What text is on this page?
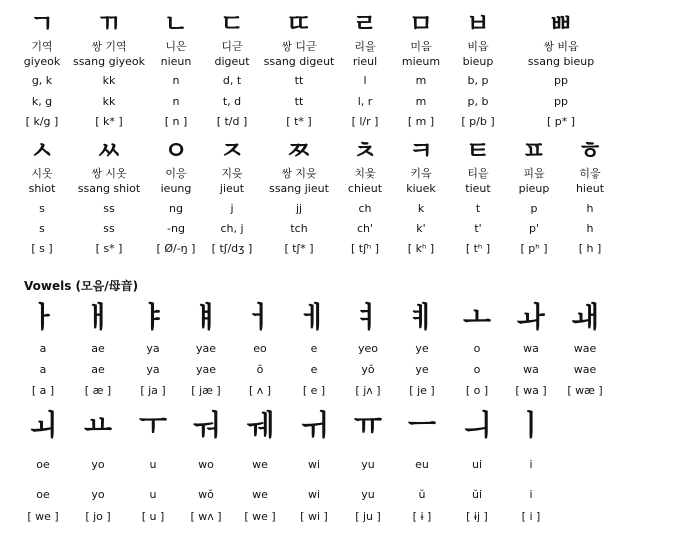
ㄱ
기역
giyeok
g, k
k, g
[ k/g ]
ㄲ
쌍 기역
ssang giyeok
kk
kk
[ k* ]
ㄴ
니은
nieun
n
n
[ n ]
ㄷ
디귿
digeut
d, t
t, d
[ t/d ]
ㄸ
쌍 디귿
ssang digeut
tt
tt
[ t* ]
ㄹ
리을
rieul
l
l, r
[ l/r ]
ㅁ
미음
mieum
m
m
[ m ]
ㅂ
비읍
bieup
b, p
p, b
[ p/b ]
ㅃ
쌍 비읍
ssang bieup
pp
pp
[ p* ]
ㅅ
시옷
shiot
s
s
[ s ]
ㅆ
쌍 시옷
ssang shiot
ss
ss
[ s* ]
ㅇ
이응
ieung
ng
-ng
[ Ø/-ŋ ]
ㅈ
지읒
jieut
j
ch, j
[ tʃ/dʒ ]
ㅉ
쌍 지읒
ssang jieut
jj
tch
[ tʃ* ]
ㅊ
치읓
chieut
ch
ch'
[ tʃʰ ]
ㅋ
키읔
kiuek
k
k'
[ kʰ ]
ㅌ
티읕
tieut
t
t'
[ tʰ ]
ㅍ
피읖
pieup
p
p'
[ pʰ ]
ㅎ
히읗
hieut
h
h
[ h ]
Vowels (모음/母音)
ㅏ
a
a
[ a ]
ㅐ
ae
ae
[ æ ]
ㅑ
ya
ya
[ ja ]
ㅒ
yae
yae
[ jæ ]
ㅓ
eo
ŏ
[ ʌ ]
ㅔ
e
e
[ e ]
ㅕ
yeo
yŏ
[ jʌ ]
ㅖ
ye
ye
[ je ]
ㅗ
o
o
[ o ]
ㅘ
wa
wa
[ wa ]
ㅙ
wae
wae
[ wæ ]
ㅚ
oe
oe
[ we ]
ㅛ
yo
yo
[ jo ]
ㅜ
u
u
[ u ]
ㅝ
wo
wŏ
[ wʌ ]
ㅞ
we
we
[ we ]
ㅟ
wi
wi
[ wi ]
ㅠ
yu
yu
[ ju ]
ㅡ
eu
ŭ
[ ɨ ]
ㅢ
ui
ŭi
[ ɨj ]
ㅣ
i
i
[ i ]
